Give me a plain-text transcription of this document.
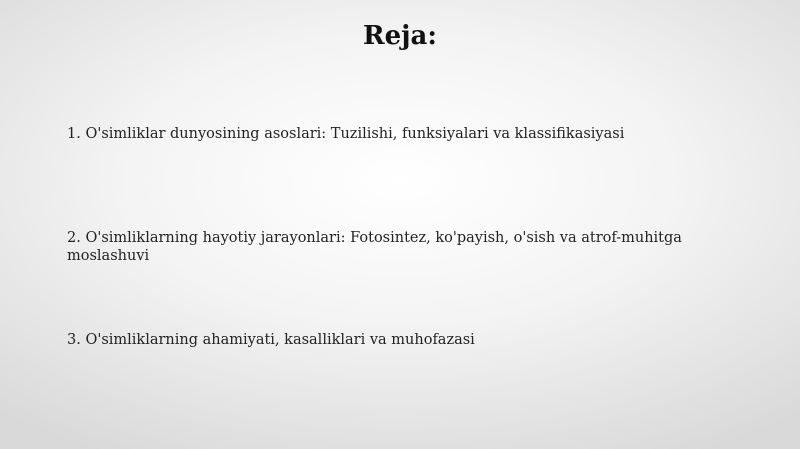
Reja:
1. O'simliklar dunyosining asoslari: Tuzilishi, funksiyalari va klassifikasiyasi
2. O'simliklarning hayotiy jarayonlari: Fotosintez, ko'payish, o'sish va atrof-muhitga moslashuvi
3. O'simliklarning ahamiyati, kasalliklari va muhofazasi
